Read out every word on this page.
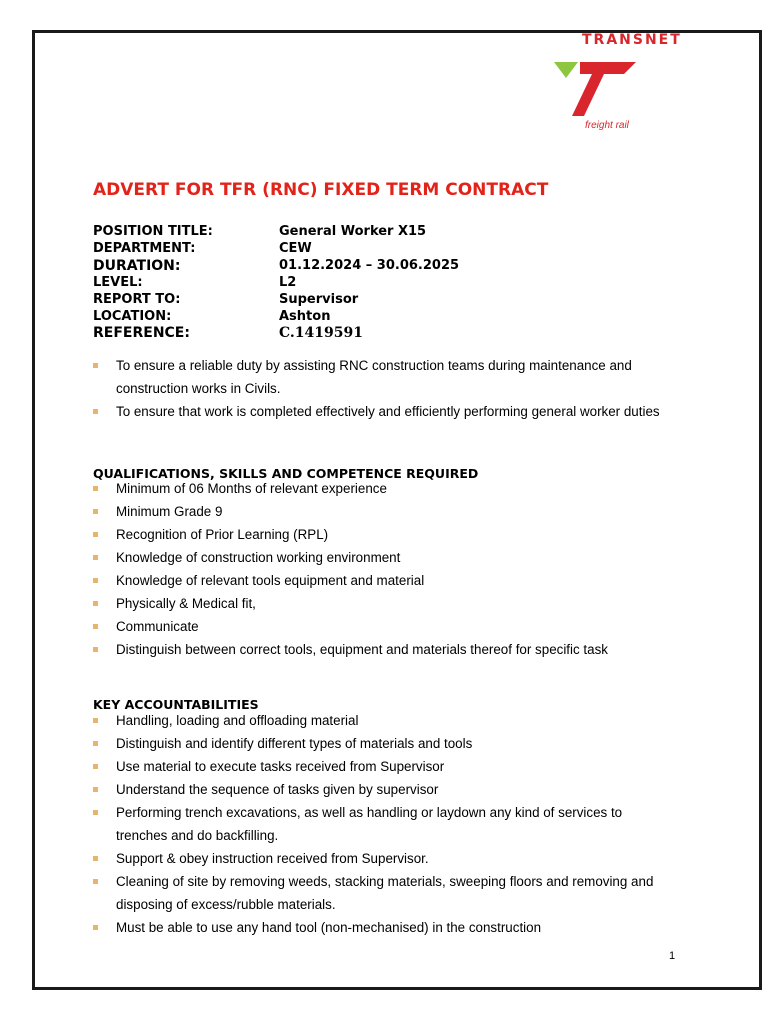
TRANSNET
freight rail
ADVERT FOR TFR (RNC) FIXED TERM CONTRACT
POSITION TITLE:	General Worker X15
DEPARTMENT:	CEW
DURATION:	01.12.2024 – 30.06.2025
LEVEL:	L2
REPORT TO:	Supervisor
LOCATION:	Ashton
REFERENCE:	C.1419591
To ensure a reliable duty by assisting RNC construction teams during maintenance and construction works in Civils.
To ensure that work is completed effectively and efficiently performing general worker duties
QUALIFICATIONS, SKILLS AND COMPETENCE REQUIRED
Minimum of 06 Months of relevant experience
Minimum Grade 9
Recognition of Prior Learning (RPL)
Knowledge of construction working environment
Knowledge of relevant tools equipment and material
Physically & Medical fit,
Communicate
Distinguish between correct tools, equipment and materials thereof for specific task
KEY ACCOUNTABILITIES
Handling, loading and offloading material
Distinguish and identify different types of materials and tools
Use material to execute tasks received from Supervisor
Understand the sequence of tasks given by supervisor
Performing trench excavations, as well as handling or laydown any kind of services to trenches and do backfilling.
Support & obey instruction received from Supervisor.
Cleaning of site by removing weeds, stacking materials, sweeping floors and removing and disposing of excess/rubble materials.
Must be able to use any hand tool (non-mechanised) in the construction
1
